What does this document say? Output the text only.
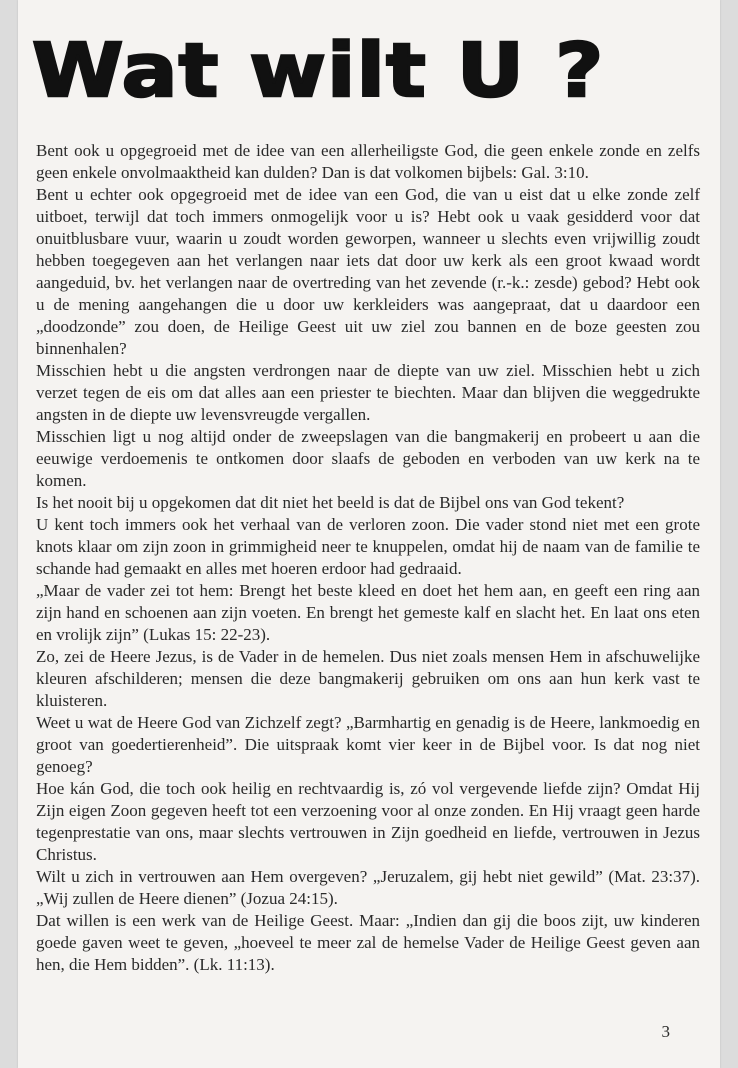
Wat wilt U ?

Bent ook u opgegroeid met de idee van een allerheiligste God, die geen enkele zonde en zelfs geen enkele onvolmaaktheid kan dulden? Dan is dat volkomen bijbels: Gal. 3:10.

Bent u echter ook opgegroeid met de idee van een God, die van u eist dat u elke zonde zelf uitboet, terwijl dat toch immers onmogelijk voor u is? Hebt ook u vaak gesidderd voor dat onuitblusbare vuur, waarin u zoudt worden geworpen, wanneer u slechts even vrijwillig zoudt hebben toegegeven aan het verlangen naar iets dat door uw kerk als een groot kwaad wordt aangeduid, bv. het verlangen naar de overtreding van het zevende (r.-k.: zesde) gebod? Hebt ook u de mening aangehangen die u door uw kerkleiders was aangepraat, dat u daardoor een „doodzonde” zou doen, de Heilige Geest uit uw ziel zou bannen en de boze geesten zou binnenhalen?

Misschien hebt u die angsten verdrongen naar de diepte van uw ziel. Misschien hebt u zich verzet tegen de eis om dat alles aan een priester te biechten. Maar dan blijven die weggedrukte angsten in de diepte uw levensvreugde vergallen.

Misschien ligt u nog altijd onder de zweepslagen van die bangmakerij en probeert u aan die eeuwige verdoemenis te ontkomen door slaafs de geboden en verboden van uw kerk na te komen.

Is het nooit bij u opgekomen dat dit niet het beeld is dat de Bijbel ons van God tekent?

U kent toch immers ook het verhaal van de verloren zoon. Die vader stond niet met een grote knots klaar om zijn zoon in grimmigheid neer te knuppelen, omdat hij de naam van de familie te schande had gemaakt en alles met hoeren erdoor had gedraaid.

„Maar de vader zei tot hem: Brengt het beste kleed en doet het hem aan, en geeft een ring aan zijn hand en schoenen aan zijn voeten. En brengt het gemeste kalf en slacht het. En laat ons eten en vrolijk zijn” (Lukas 15: 22-23).

Zo, zei de Heere Jezus, is de Vader in de hemelen. Dus niet zoals mensen Hem in afschuwelijke kleuren afschilderen; mensen die deze bangmakerij gebruiken om ons aan hun kerk vast te kluisteren.

Weet u wat de Heere God van Zichzelf zegt? „Barmhartig en genadig is de Heere, lankmoedig en groot van goedertierenheid”. Die uitspraak komt vier keer in de Bijbel voor. Is dat nog niet genoeg?

Hoe kán God, die toch ook heilig en rechtvaardig is, zó vol vergevende liefde zijn? Omdat Hij Zijn eigen Zoon gegeven heeft tot een verzoening voor al onze zonden. En Hij vraagt geen harde tegenprestatie van ons, maar slechts vertrouwen in Zijn goedheid en liefde, vertrouwen in Jezus Christus.

Wilt u zich in vertrouwen aan Hem overgeven? „Jeruzalem, gij hebt niet gewild” (Mat. 23:37). „Wij zullen de Heere dienen” (Jozua 24:15).

Dat willen is een werk van de Heilige Geest. Maar: „Indien dan gij die boos zijt, uw kinderen goede gaven weet te geven, „hoeveel te meer zal de hemelse Vader de Heilige Geest geven aan hen, die Hem bidden”. (Lk. 11:13).

3
